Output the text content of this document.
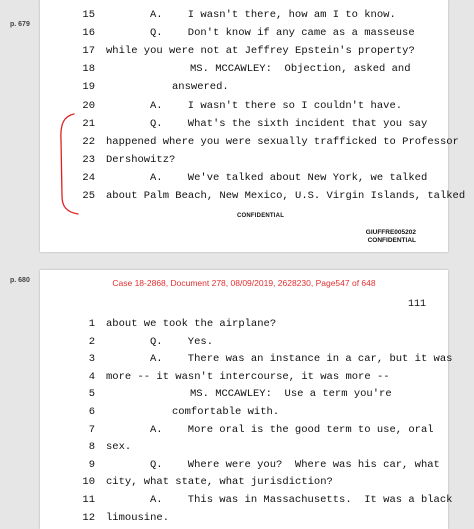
p. 679
p. 680
15	A.    I wasn't there, how am I to know.
16	Q.    Don't know if any came as a masseuse
17 while you were not at Jeffrey Epstein's property?
18	MS. MCCAWLEY:  Objection, asked and
19	answered.
20	A.    I wasn't there so I couldn't have.
21	Q.    What's the sixth incident that you say
22 happened where you were sexually trafficked to Professor
23 Dershowitz?
24	A.    We've talked about New York, we talked
25 about Palm Beach, New Mexico, U.S. Virgin Islands, talked
CONFIDENTIAL
GIUFFRE005202
CONFIDENTIAL
Case 18-2868, Document 278, 08/09/2019, 2628230, Page547 of 648
111
1 about we took the airplane?
2	Q.    Yes.
3	A.    There was an instance in a car, but it was
4 more -- it wasn't intercourse, it was more --
5	MS. MCCAWLEY:  Use a term you're
6	comfortable with.
7	A.    More oral is the good term to use, oral
8 sex.
9	Q.    Where were you?  Where was his car, what
10 city, what state, what jurisdiction?
11	A.    This was in Massachusetts.  It was a black
12 limousine.
